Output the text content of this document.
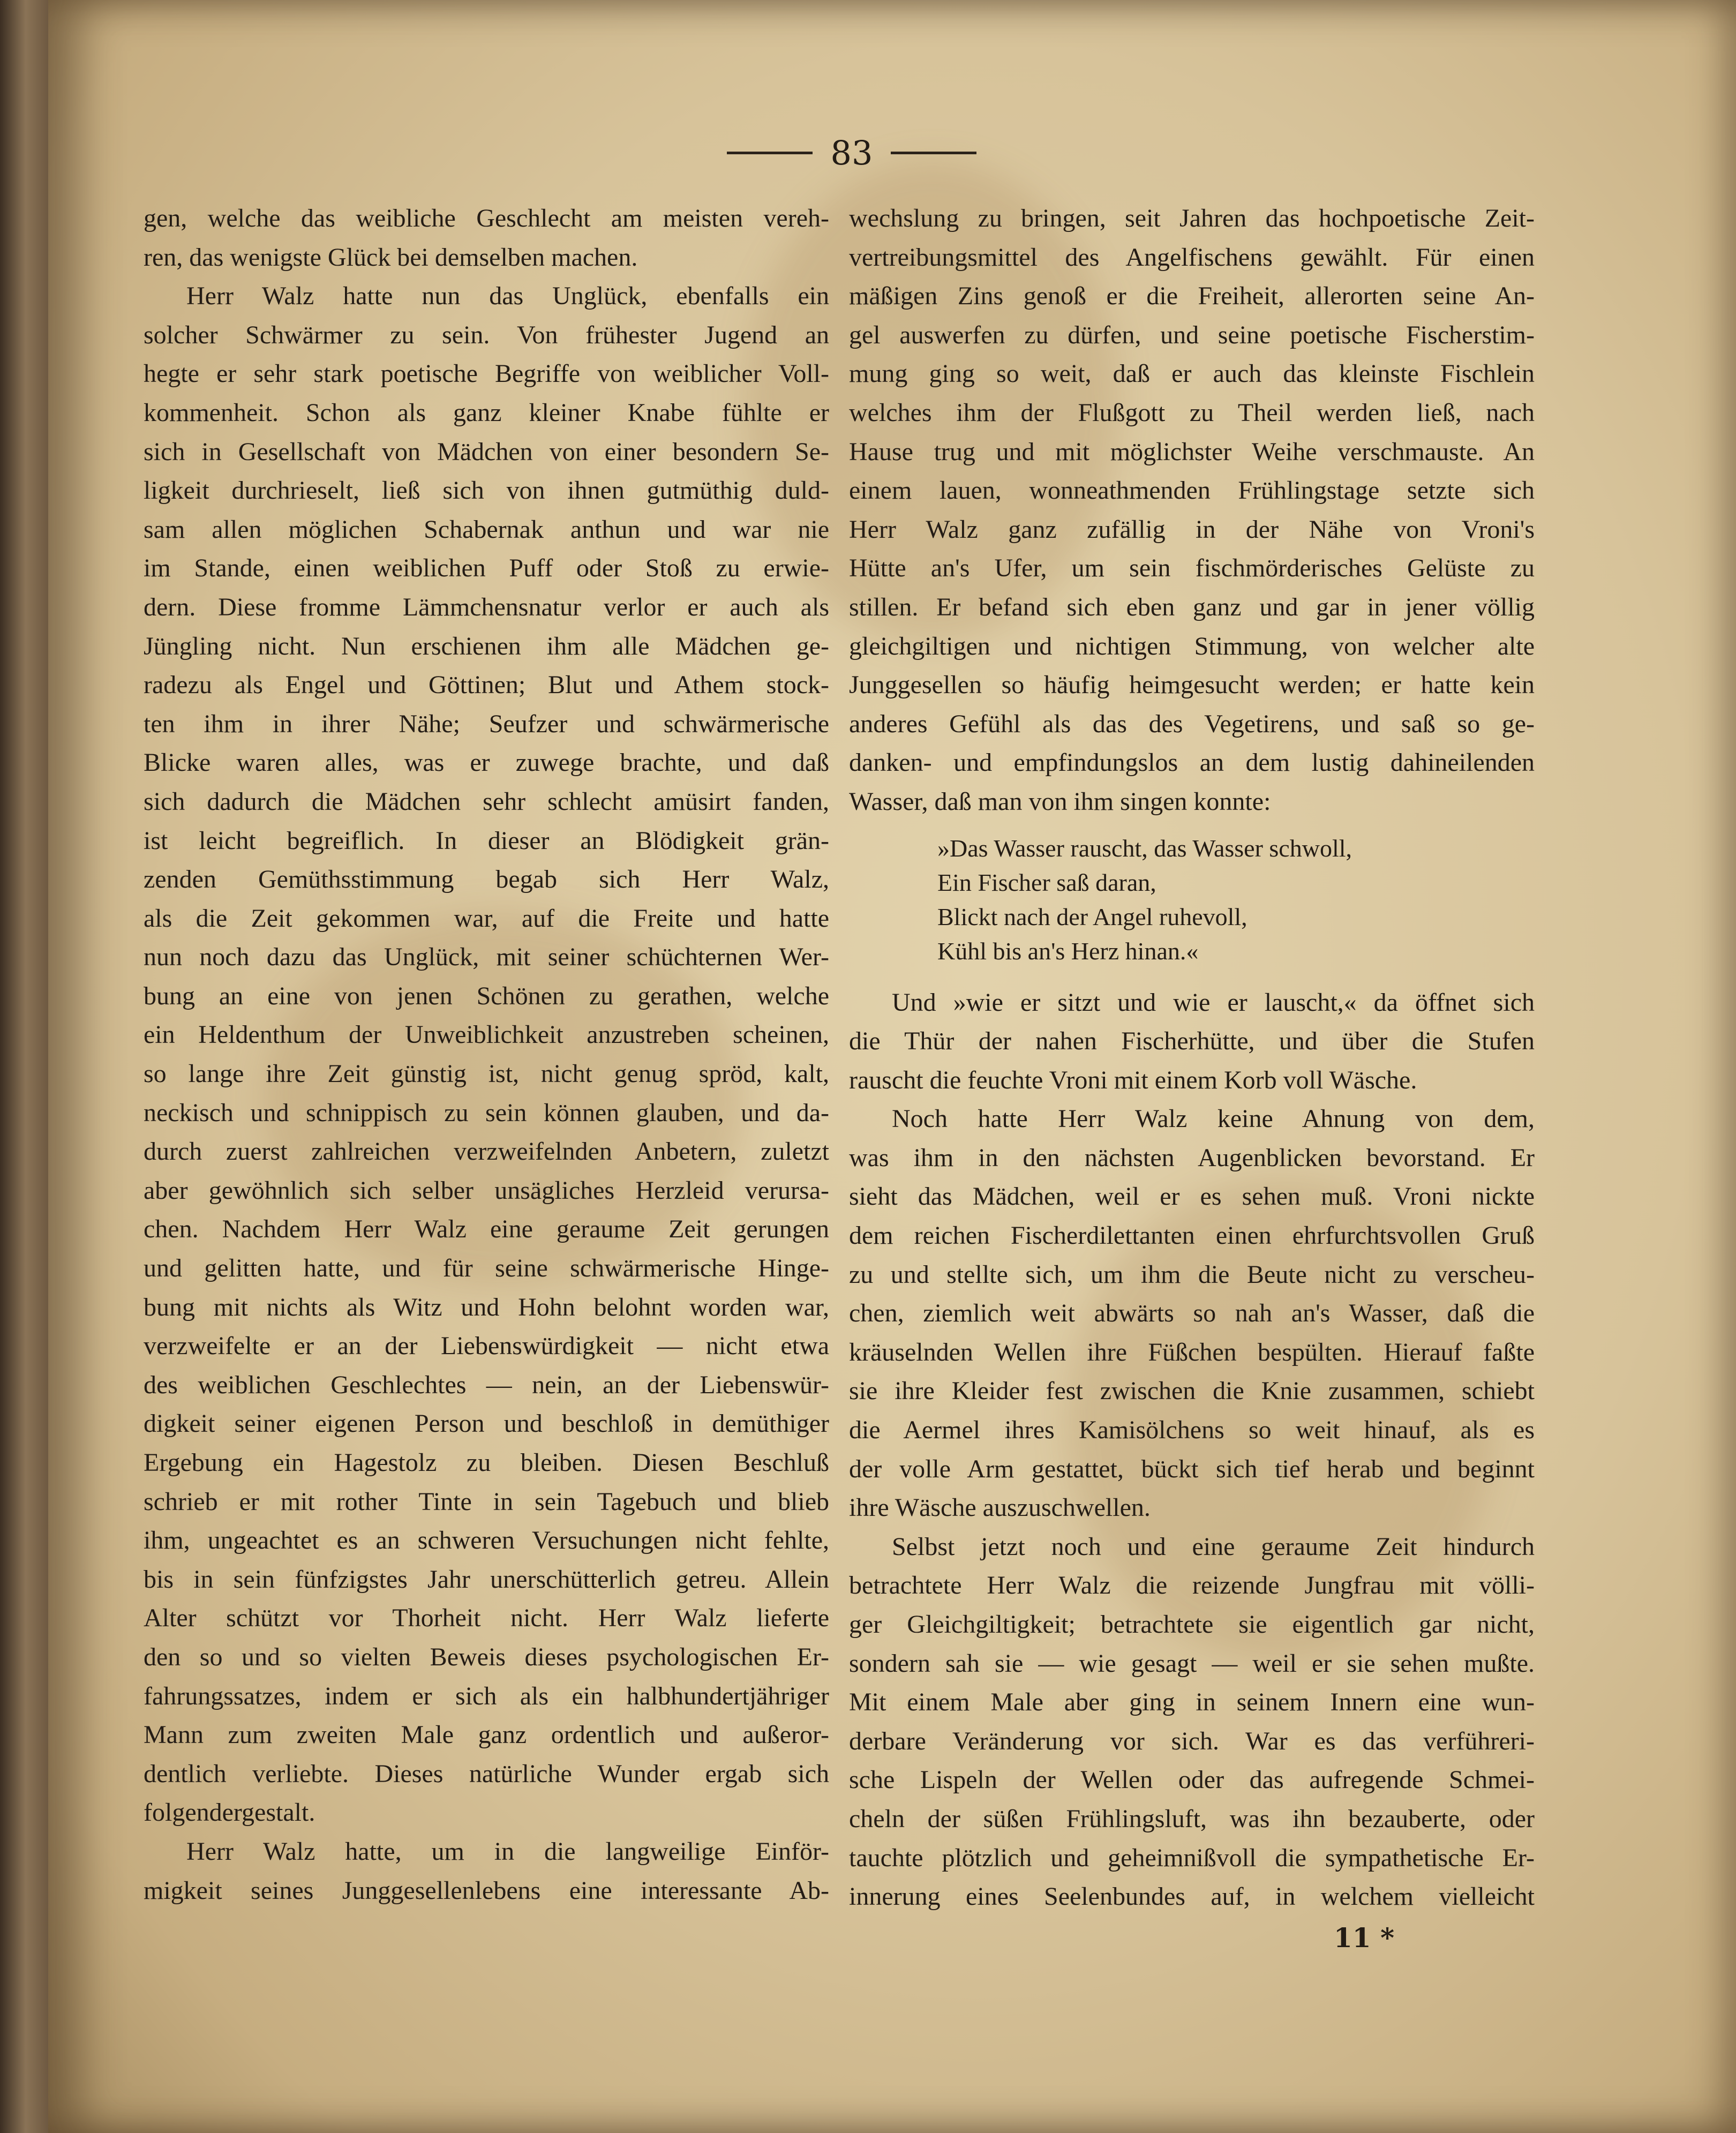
83
gen, welche das weibliche Geschlecht am meisten vereh-
ren, das wenigste Glück bei demselben machen.
Herr Walz hatte nun das Unglück, ebenfalls ein
solcher Schwärmer zu sein. Von frühester Jugend an
hegte er sehr stark poetische Begriffe von weiblicher Voll-
kommenheit. Schon als ganz kleiner Knabe fühlte er
sich in Gesellschaft von Mädchen von einer besondern Se-
ligkeit durchrieselt, ließ sich von ihnen gutmüthig duld-
sam allen möglichen Schabernak anthun und war nie
im Stande, einen weiblichen Puff oder Stoß zu erwie-
dern. Diese fromme Lämmchensnatur verlor er auch als
Jüngling nicht. Nun erschienen ihm alle Mädchen ge-
radezu als Engel und Göttinen; Blut und Athem stock-
ten ihm in ihrer Nähe; Seufzer und schwärmerische
Blicke waren alles, was er zuwege brachte, und daß
sich dadurch die Mädchen sehr schlecht amüsirt fanden,
ist leicht begreiflich. In dieser an Blödigkeit grän-
zenden Gemüthsstimmung begab sich Herr Walz,
als die Zeit gekommen war, auf die Freite und hatte
nun noch dazu das Unglück, mit seiner schüchternen Wer-
bung an eine von jenen Schönen zu gerathen, welche
ein Heldenthum der Unweiblichkeit anzustreben scheinen,
so lange ihre Zeit günstig ist, nicht genug spröd, kalt,
neckisch und schnippisch zu sein können glauben, und da-
durch zuerst zahlreichen verzweifelnden Anbetern, zuletzt
aber gewöhnlich sich selber unsägliches Herzleid verursa-
chen. Nachdem Herr Walz eine geraume Zeit gerungen
und gelitten hatte, und für seine schwärmerische Hinge-
bung mit nichts als Witz und Hohn belohnt worden war,
verzweifelte er an der Liebenswürdigkeit — nicht etwa
des weiblichen Geschlechtes — nein, an der Liebenswür-
digkeit seiner eigenen Person und beschloß in demüthiger
Ergebung ein Hagestolz zu bleiben. Diesen Beschluß
schrieb er mit rother Tinte in sein Tagebuch und blieb
ihm, ungeachtet es an schweren Versuchungen nicht fehlte,
bis in sein fünfzigstes Jahr unerschütterlich getreu. Allein
Alter schützt vor Thorheit nicht. Herr Walz lieferte
den so und so vielten Beweis dieses psychologischen Er-
fahrungssatzes, indem er sich als ein halbhundertjähriger
Mann zum zweiten Male ganz ordentlich und außeror-
dentlich verliebte. Dieses natürliche Wunder ergab sich
folgendergestalt.
Herr Walz hatte, um in die langweilige Einför-
migkeit seines Junggesellenlebens eine interessante Ab-
wechslung zu bringen, seit Jahren das hochpoetische Zeit-
vertreibungsmittel des Angelfischens gewählt. Für einen
mäßigen Zins genoß er die Freiheit, allerorten seine An-
gel auswerfen zu dürfen, und seine poetische Fischerstim-
mung ging so weit, daß er auch das kleinste Fischlein
welches ihm der Flußgott zu Theil werden ließ, nach
Hause trug und mit möglichster Weihe verschmauste. An
einem lauen, wonneathmenden Frühlingstage setzte sich
Herr Walz ganz zufällig in der Nähe von Vroni's
Hütte an's Ufer, um sein fischmörderisches Gelüste zu
stillen. Er befand sich eben ganz und gar in jener völlig
gleichgiltigen und nichtigen Stimmung, von welcher alte
Junggesellen so häufig heimgesucht werden; er hatte kein
anderes Gefühl als das des Vegetirens, und saß so ge-
danken- und empfindungslos an dem lustig dahineilenden
Wasser, daß man von ihm singen konnte:
»Das Wasser rauscht, das Wasser schwoll,
Ein Fischer saß daran,
Blickt nach der Angel ruhevoll,
Kühl bis an's Herz hinan.«
Und »wie er sitzt und wie er lauscht,« da öffnet sich
die Thür der nahen Fischerhütte, und über die Stufen
rauscht die feuchte Vroni mit einem Korb voll Wäsche.
Noch hatte Herr Walz keine Ahnung von dem,
was ihm in den nächsten Augenblicken bevorstand. Er
sieht das Mädchen, weil er es sehen muß. Vroni nickte
dem reichen Fischerdilettanten einen ehrfurchtsvollen Gruß
zu und stellte sich, um ihm die Beute nicht zu verscheu-
chen, ziemlich weit abwärts so nah an's Wasser, daß die
kräuselnden Wellen ihre Füßchen bespülten. Hierauf faßte
sie ihre Kleider fest zwischen die Knie zusammen, schiebt
die Aermel ihres Kamisölchens so weit hinauf, als es
der volle Arm gestattet, bückt sich tief herab und beginnt
ihre Wäsche auszuschwellen.
Selbst jetzt noch und eine geraume Zeit hindurch
betrachtete Herr Walz die reizende Jungfrau mit völli-
ger Gleichgiltigkeit; betrachtete sie eigentlich gar nicht,
sondern sah sie — wie gesagt — weil er sie sehen mußte.
Mit einem Male aber ging in seinem Innern eine wun-
derbare Veränderung vor sich. War es das verführeri-
sche Lispeln der Wellen oder das aufregende Schmei-
cheln der süßen Frühlingsluft, was ihn bezauberte, oder
tauchte plötzlich und geheimnißvoll die sympathetische Er-
innerung eines Seelenbundes auf, in welchem vielleicht
11 *
